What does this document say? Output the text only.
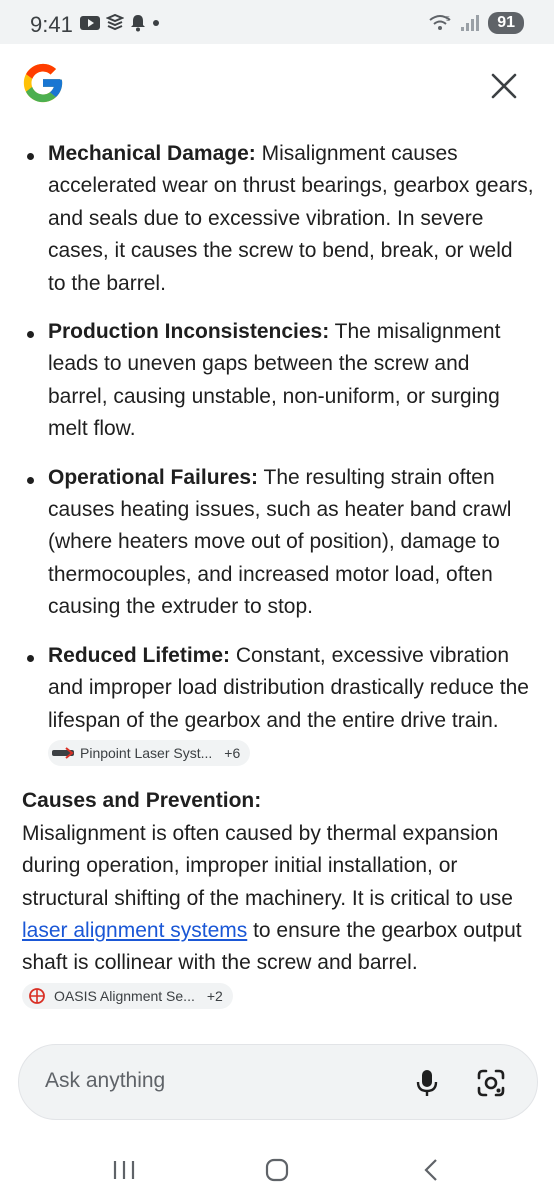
9:41	5	91
Mechanical Damage: Misalignment causes accelerated wear on thrust bearings, gearbox gears, and seals due to excessive vibration. In severe cases, it causes the screw to bend, break, or weld to the barrel.
Production Inconsistencies: The misalignment leads to uneven gaps between the screw and barrel, causing unstable, non-uniform, or surging melt flow.
Operational Failures: The resulting strain often causes heating issues, such as heater band crawl (where heaters move out of position), damage to thermocouples, and increased motor load, often causing the extruder to stop.
Reduced Lifetime: Constant, excessive vibration and improper load distribution drastically reduce the lifespan of the gearbox and the entire drive train.
Pinpoint Laser Syst... +6
Causes and Prevention:
Misalignment is often caused by thermal expansion during operation, improper initial installation, or structural shifting of the machinery. It is critical to use laser alignment systems to ensure the gearbox output shaft is collinear with the screw and barrel.
OASIS Alignment Se... +2
Ask anything
